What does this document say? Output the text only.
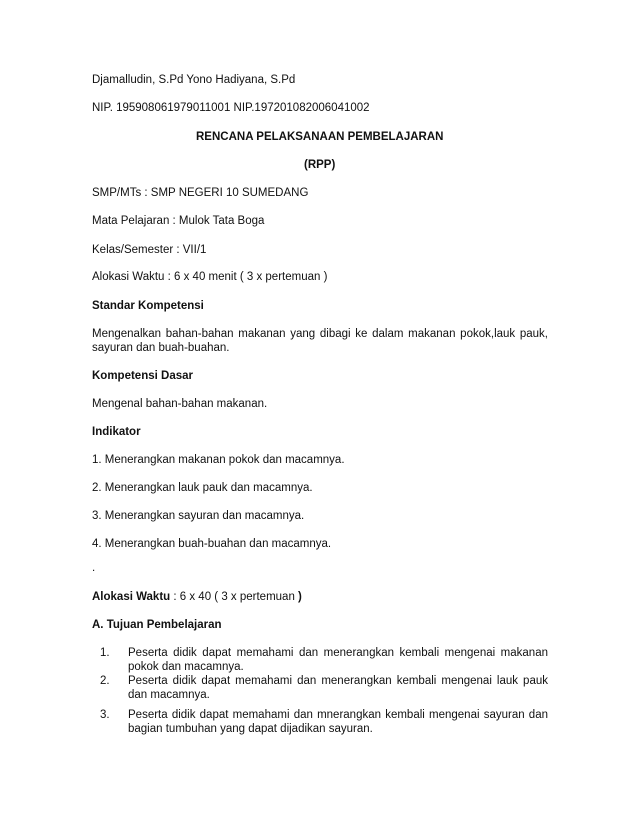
Djamalludin, S.Pd Yono Hadiyana, S.Pd
NIP. 195908061979011001 NIP.197201082006041002
RENCANA PELAKSANAAN PEMBELAJARAN
(RPP)
SMP/MTs : SMP NEGERI 10 SUMEDANG
Mata Pelajaran : Mulok Tata Boga
Kelas/Semester : VII/1
Alokasi Waktu : 6 x 40 menit ( 3 x pertemuan )
Standar Kompetensi
Mengenalkan bahan-bahan makanan yang dibagi ke dalam makanan pokok,lauk pauk, sayuran dan buah-buahan.
Kompetensi Dasar
Mengenal bahan-bahan makanan.
Indikator
1. Menerangkan makanan pokok dan macamnya.
2. Menerangkan lauk pauk dan macamnya.
3. Menerangkan sayuran dan macamnya.
4. Menerangkan buah-buahan dan macamnya.
.
Alokasi Waktu : 6 x 40 ( 3 x pertemuan )
A. Tujuan Pembelajaran
1. Peserta didik dapat memahami dan menerangkan kembali mengenai makanan pokok dan macamnya.
2. Peserta didik dapat memahami dan menerangkan kembali mengenai lauk pauk dan macamnya.
3. Peserta didik dapat memahami dan mnerangkan kembali mengenai sayuran dan bagian tumbuhan yang dapat dijadikan sayuran.
